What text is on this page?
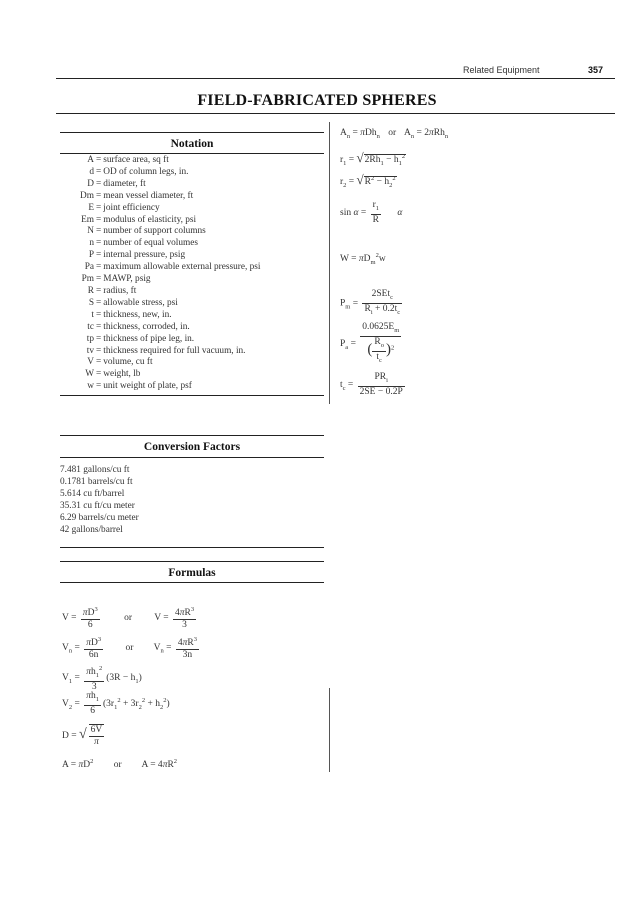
Related Equipment	357
FIELD-FABRICATED SPHERES
Notation
A = surface area, sq ft
d = OD of column legs, in.
D = diameter, ft
Dm = mean vessel diameter, ft
E = joint efficiency
Em = modulus of elasticity, psi
N = number of support columns
n = number of equal volumes
P = internal pressure, psig
Pa = maximum allowable external pressure, psi
Pm = MAWP, psig
R = radius, ft
S = allowable stress, psi
t = thickness, new, in.
tc = thickness, corroded, in.
tp = thickness of pipe leg, in.
tv = thickness required for full vacuum, in.
V = volume, cu ft
W = weight, lb
w = unit weight of plate, psf
Conversion Factors
7.481 gallons/cu ft
0.1781 barrels/cu ft
5.614 cu ft/barrel
35.31 cu ft/cu meter
6.29 barrels/cu meter
42 gallons/barrel
Formulas
$V = \frac{\pi D^3}{6}$	or $V = \frac{4\pi R^3}{3}$
$V_n = \frac{\pi D^3}{6n}$ or $V_n = \frac{4\pi R^3}{3n}$
$V_1 = \frac{\pi h_1^2}{3} (3R - h_1)$
$V_2 = \frac{\pi h_1}{6} (3r_1^2 + 3r_2^2 + h_2^2)$
D = √ $\frac{6V}{\pi}$
$A = \pi D^2$ or $A = 4\pi R^2$
$A_n = \pi Dh_n$ or $A_n = 2\pi Rh_n$
$r_1 = √2Rh_1 - h_1^2$
$r_2 = √R^2 - h_2^2$
$\sin \alpha = \frac{r_1}{R}$ α
$W = \pi D_m^2w$
$P_m = \frac{2SEt_c}{R_i + 0.2t_c}$
$P_a = \frac{0.0625E_m}{( \frac{R_o}{t_c} )^2}$
$t_c = \frac{PR_i}{2SE - 0.2P}$
